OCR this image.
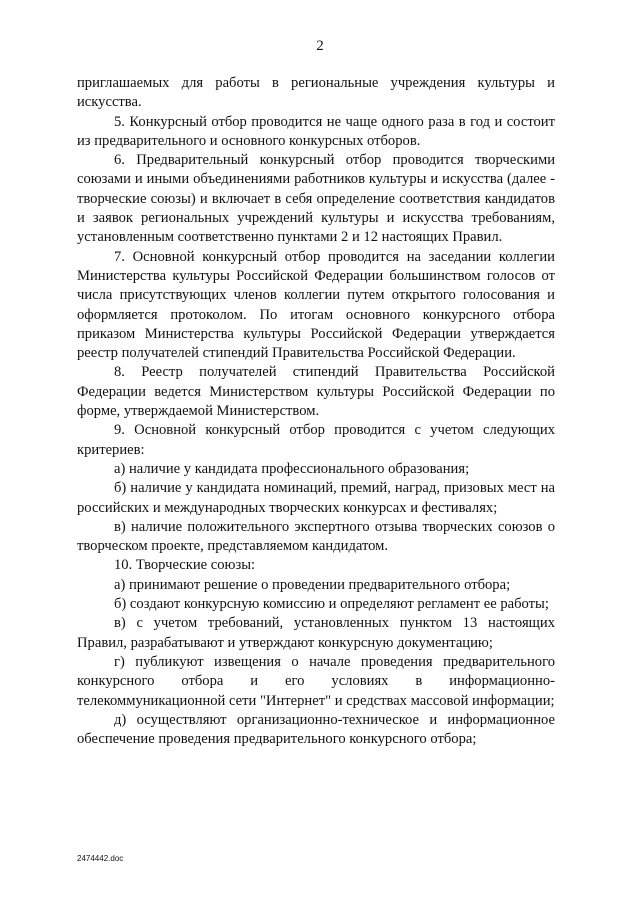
2

приглашаемых для работы в региональные учреждения культуры и искусства.

5. Конкурсный отбор проводится не чаще одного раза в год и состоит из предварительного и основного конкурсных отборов.

6. Предварительный конкурсный отбор проводится творческими союзами и иными объединениями работников культуры и искусства (далее - творческие союзы) и включает в себя определение соответствия кандидатов и заявок региональных учреждений культуры и искусства требованиям, установленным соответственно пунктами 2 и 12 настоящих Правил.

7. Основной конкурсный отбор проводится на заседании коллегии Министерства культуры Российской Федерации большинством голосов от числа присутствующих членов коллегии путем открытого голосования и оформляется протоколом. По итогам основного конкурсного отбора приказом Министерства культуры Российской Федерации утверждается реестр получателей стипендий Правительства Российской Федерации.

8. Реестр получателей стипендий Правительства Российской Федерации ведется Министерством культуры Российской Федерации по форме, утверждаемой Министерством.

9. Основной конкурсный отбор проводится с учетом следующих критериев:

а) наличие у кандидата профессионального образования;

б) наличие у кандидата номинаций, премий, наград, призовых мест на российских и международных творческих конкурсах и фестивалях;

в) наличие положительного экспертного отзыва творческих союзов о творческом проекте, представляемом кандидатом.

10. Творческие союзы:

а) принимают решение о проведении предварительного отбора;

б) создают конкурсную комиссию и определяют регламент ее работы;

в) с учетом требований, установленных пунктом 13 настоящих Правил, разрабатывают и утверждают конкурсную документацию;

г) публикуют извещения о начале проведения предварительного конкурсного отбора и его условиях в информационно-телекоммуникационной сети "Интернет" и средствах массовой информации;

д) осуществляют организационно-техническое и информационное обеспечение проведения предварительного конкурсного отбора;

2474442.doc
